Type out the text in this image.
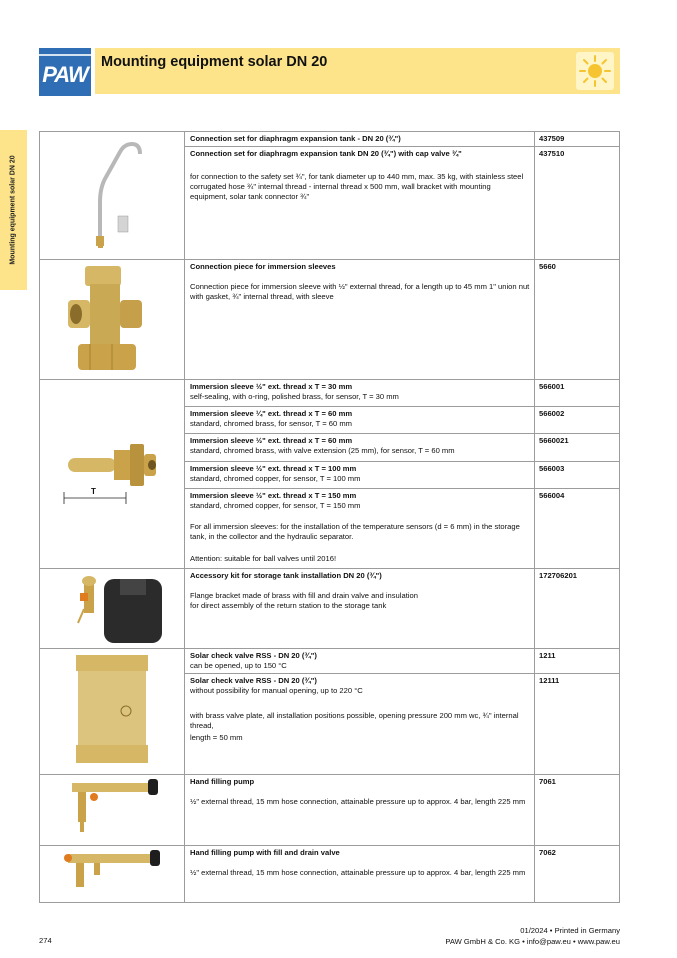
PAW Mounting equipment solar DN 20
Mounting equipment solar DN 20
Connection set for diaphragm expansion tank - DN 20 (¾")	437509
Connection set for diaphragm expansion tank DN 20 (¾") with cap valve ¾"	437510
for connection to the safety set ¾", for tank diameter up to 440 mm, max. 35 kg, with stainless steel corrugated hose ¾" internal thread - internal thread x 500 mm, wall bracket with mounting equipment, solar tank connector ¾"
Connection piece for immersion sleeves	5660
Connection piece for immersion sleeve with ½" external thread, for a length up to 45 mm 1" union nut with gasket, ¾" internal thread, with sleeve
T
Immersion sleeve ½" ext. thread x T = 30 mm
self-sealing, with o-ring, polished brass, for sensor, T = 30 mm
566001
Immersion sleeve ¼" ext. thread x T = 60 mm
standard, chromed brass, for sensor, T = 60 mm
566002
Immersion sleeve ½" ext. thread x T = 60 mm
standard, chromed brass, with valve extension (25 mm), for sensor, T = 60 mm
5660021
Immersion sleeve ½" ext. thread x T = 100 mm
standard, chromed copper, for sensor, T = 100 mm
566003
Immersion sleeve ½" ext. thread x T = 150 mm
standard, chromed copper, for sensor, T = 150 mm
566004
For all immersion sleeves: for the installation of the temperature sensors (d = 6 mm) in the storage tank, in the collector and the hydraulic separator.
Attention: suitable for ball valves until 2016!
Accessory kit for storage tank installation DN 20 (¾")	172706201
Flange bracket made of brass with fill and drain valve and insulation
for direct assembly of the return station to the storage tank
Solar check valve RSS - DN 20 (¾")
can be opened, up to 150 °C
1211
Solar check valve RSS - DN 20 (¾")
without possibility for manual opening, up to 220 °C
12111
with brass valve plate, all installation positions possible, opening pressure 200 mm wc, ¾" internal thread,
length = 50 mm
Hand filling pump	7061
½" external thread, 15 mm hose connection, attainable pressure up to approx. 4 bar, length 225 mm
Hand filling pump with fill and drain valve	7062
½" external thread, 15 mm hose connection, attainable pressure up to approx. 4 bar, length 225 mm
274
01/2024 • Printed in Germany
PAW GmbH & Co. KG • info@paw.eu • www.paw.eu
